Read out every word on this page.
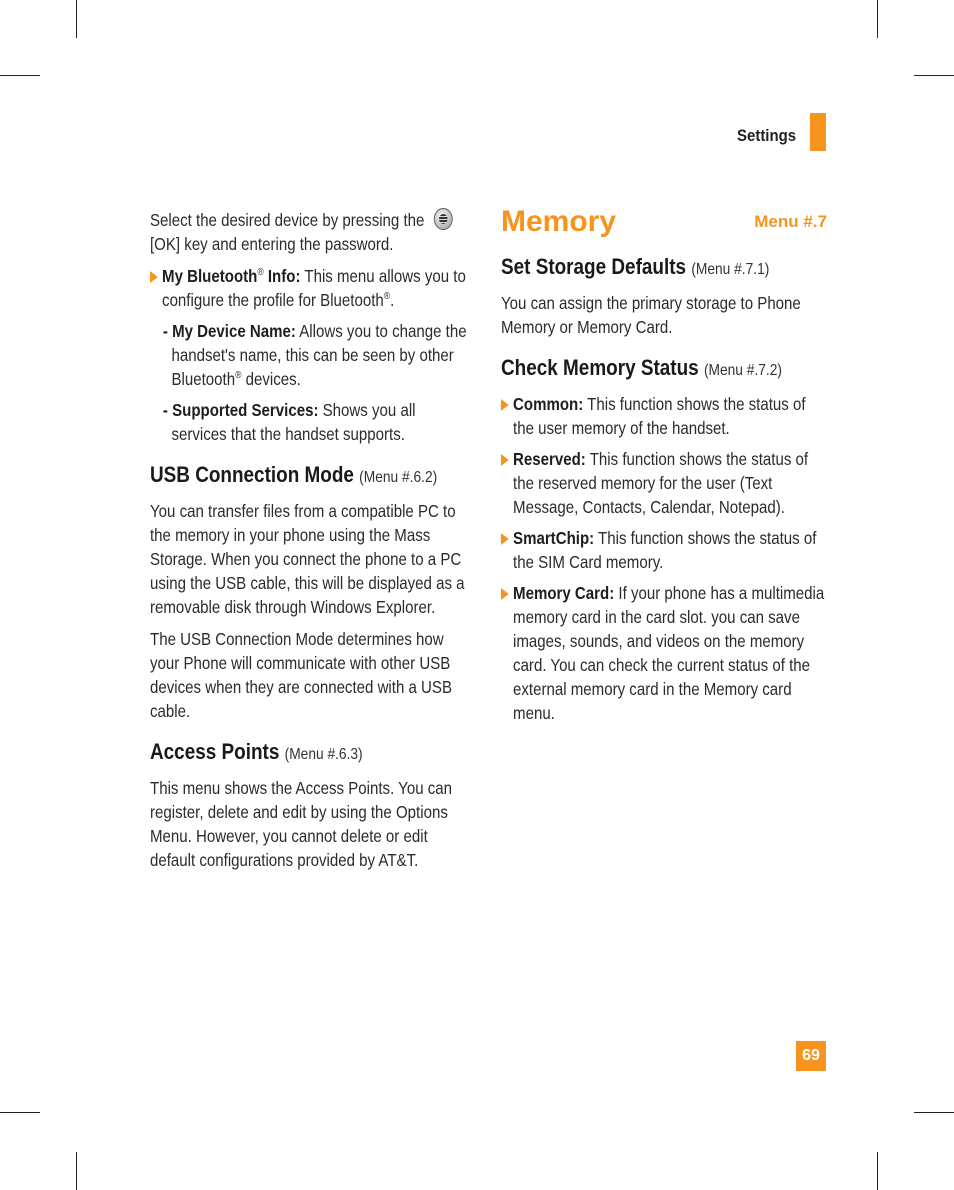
Settings

Select the desired device by pressing the  [OK] key and entering the password.

My Bluetooth® Info: This menu allows you to configure the profile for Bluetooth®.
- My Device Name: Allows you to change the handset's name, this can be seen by other Bluetooth® devices.
- Supported Services: Shows you all services that the handset supports.
USB Connection Mode (Menu #.6.2)

You can transfer files from a compatible PC to the memory in your phone using the Mass Storage. When you connect the phone to a PC using the USB cable, this will be displayed as a removable disk through Windows Explorer.

The USB Connection Mode determines how your Phone will communicate with other USB devices when they are connected with a USB cable.

Access Points (Menu #.6.3)

This menu shows the Access Points. You can register, delete and edit by using the Options Menu. However, you cannot delete or edit default configurations provided by AT&T.

Memory	Menu #.7
Set Storage Defaults (Menu #.7.1)

You can assign the primary storage to Phone Memory or Memory Card.

Check Memory Status (Menu #.7.2)
Common: This function shows the status of the user memory of the handset.
Reserved: This function shows the status of the reserved memory for the user (Text Message, Contacts, Calendar, Notepad).
SmartChip: This function shows the status of the SIM Card memory.
Memory Card: If your phone has a multimedia memory card in the card slot. you can save images, sounds, and videos on the memory card. You can check the current status of the external memory card in the Memory card menu.
69
